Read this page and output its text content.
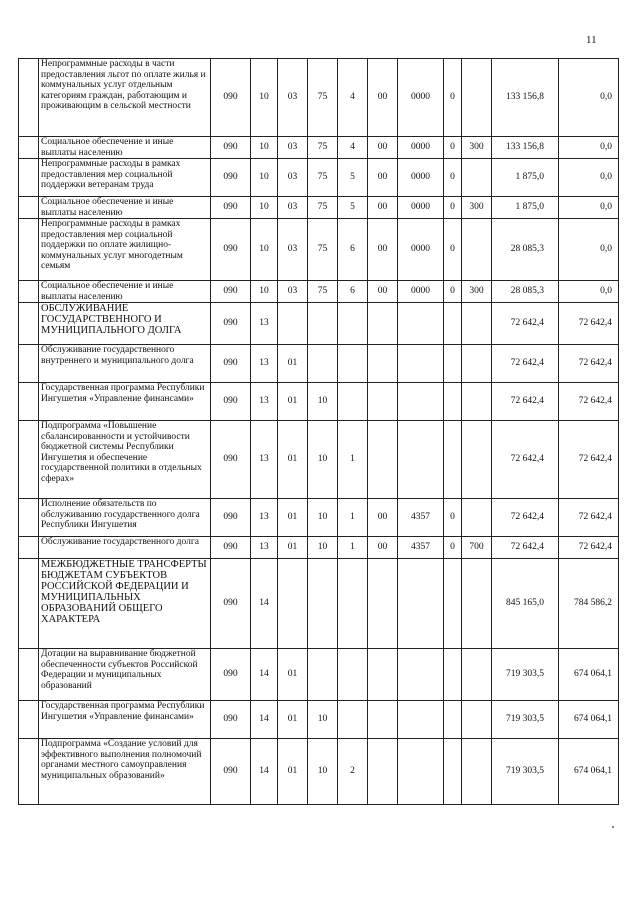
11
	Непрограммные расходы в части предоставления льгот по оплате жилья и коммунальных услуг отдельным категориям граждан, работающим и проживающим в сельской местности	090	10	03	75	4	00	0000	0		133 156,8	0,0
	Социальное обеспечение и иные выплаты населению	090	10	03	75	4	00	0000	0	300	133 156,8	0,0
	Непрограммные расходы в рамках предоставления мер социальной поддержки ветеранам труда	090	10	03	75	5	00	0000	0		1 875,0	0,0
	Социальное обеспечение и иные выплаты населению	090	10	03	75	5	00	0000	0	300	1 875,0	0,0
	Непрограммные расходы в рамках предоставления мер социальной поддержки по оплате жилищно-коммунальных услуг многодетным семьям	090	10	03	75	6	00	0000	0		28 085,3	0,0
	Социальное обеспечение и иные выплаты населению	090	10	03	75	6	00	0000	0	300	28 085,3	0,0
	ОБСЛУЖИВАНИЕ ГОСУДАРСТВЕННОГО И МУНИЦИПАЛЬНОГО ДОЛГА	090	13								72 642,4	72 642,4
	Обслуживание государственного внутреннего и муниципального долга	090	13	01							72 642,4	72 642,4
	Государственная программа Республики Ингушетия «Управление финансами»	090	13	01	10						72 642,4	72 642,4
	Подпрограмма «Повышение сбалансированности и устойчивости бюджетной системы Республики Ингушетия и обеспечение государственной политики в отдельных сферах»	090	13	01	10	1					72 642,4	72 642,4
	Исполнение обязательств по обслуживанию государственного долга Республики Ингушетия	090	13	01	10	1	00	4357	0		72 642,4	72 642,4
	Обслуживание государственного долга	090	13	01	10	1	00	4357	0	700	72 642,4	72 642,4
	МЕЖБЮДЖЕТНЫЕ ТРАНСФЕРТЫ БЮДЖЕТАМ СУБЪЕКТОВ РОССИЙСКОЙ ФЕДЕРАЦИИ И МУНИЦИПАЛЬНЫХ ОБРАЗОВАНИЙ ОБЩЕГО ХАРАКТЕРА	090	14								845 165,0	784 586,2
	Дотации на выравнивание бюджетной обеспеченности субъектов Российской Федерации и муниципальных образований	090	14	01							719 303,5	674 064,1
	Государственная программа Республики Ингушетия «Управление финансами»	090	14	01	10						719 303,5	674 064,1
	Подпрограмма «Создание условий для эффективного выполнения полномочий органами местного самоуправления муниципальных образований»	090	14	01	10	2					719 303,5	674 064,1
